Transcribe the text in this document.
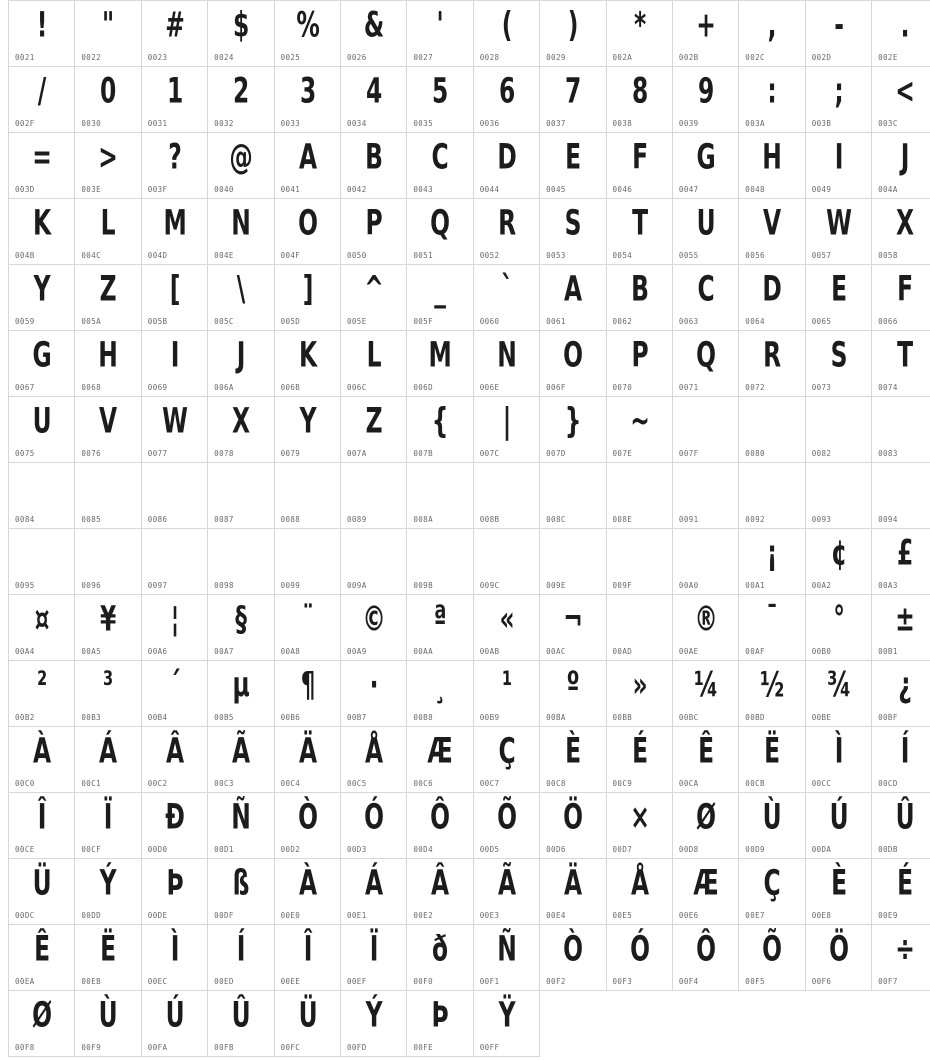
!
0021

"
0022

#
0023

$
0024

%
0025

&
0026

'
0027

(
0028

)
0029

*
002A

+
002B

,
002C

-
002D

.
002E

/
002F

0
0030

1
0031

2
0032

3
0033

4
0034

5
0035

6
0036

7
0037

8
0038

9
0039

:
003A

;
003B

<
003C

=
003D

>
003E

?
003F

@
0040

A
0041

B
0042

C
0043

D
0044

E
0045

F
0046

G
0047

H
0048

I
0049

J
004A

K
004B

L
004C

M
004D

N
004E

O
004F

P
0050

Q
0051

R
0052

S
0053

T
0054

U
0055

V
0056

W
0057

X
0058

Y
0059

Z
005A

[
005B

\
005C

]
005D

^
005E

_
005F

`
0060

A
0061

B
0062

C
0063

D
0064

E
0065

F
0066

G
0067

H
0068

I
0069

J
006A

K
006B

L
006C

M
006D

N
006E

O
006F

P
0070

Q
0071

R
0072

S
0073

T
0074

U
0075

V
0076

W
0077

X
0078

Y
0079

Z
007A

{
007B

|
007C

}
007D

~
007E	007F	0080	0082	0083

0084	0085	0086	0087	0088	0089	008A	008B	008C	008E	0091	0092	0093	0094

0095	0096	0097	0098	0099	009A	009B	009C	009E	009F	00A0

¡
00A1

¢
00A2

£
00A3

¤
00A4

¥
00A5

¦
00A6

§
00A7

¨
00A8

©
00A9

ª
00AA

«
00AB

¬
00AC	00AD

®
00AE

¯
00AF

°
00B0

±
00B1

²
00B2

³
00B3

´
00B4

µ
00B5

¶
00B6

·
00B7

¸
00B8

¹
00B9

º
00BA

»
00BB

¼
00BC

½
00BD

¾
00BE

¿
00BF

À
00C0

Á
00C1

Â
00C2

Ã
00C3

Ä
00C4

Å
00C5

Æ
00C6

Ç
00C7

È
00C8

É
00C9

Ê
00CA

Ë
00CB

Ì
00CC

Í
00CD

Î
00CE

Ï
00CF

Ð
00D0

Ñ
00D1

Ò
00D2

Ó
00D3

Ô
00D4

Õ
00D5

Ö
00D6

×
00D7

Ø
00D8

Ù
00D9

Ú
00DA

Û
00DB

Ü
00DC

Ý
00DD

Þ
00DE

ß
00DF

À
00E0

Á
00E1

Â
00E2

Ã
00E3

Ä
00E4

Å
00E5

Æ
00E6

Ç
00E7

È
00E8

É
00E9

Ê
00EA

Ë
00EB

Ì
00EC

Í
00ED

Î
00EE

Ï
00EF

ð
00F0

Ñ
00F1

Ò
00F2

Ó
00F3

Ô
00F4

Õ
00F5

Ö
00F6

÷
00F7

Ø
00F8

Ù
00F9

Ú
00FA

Û
00FB

Ü
00FC

Ý
00FD

Þ
00FE

Ÿ
00FF
